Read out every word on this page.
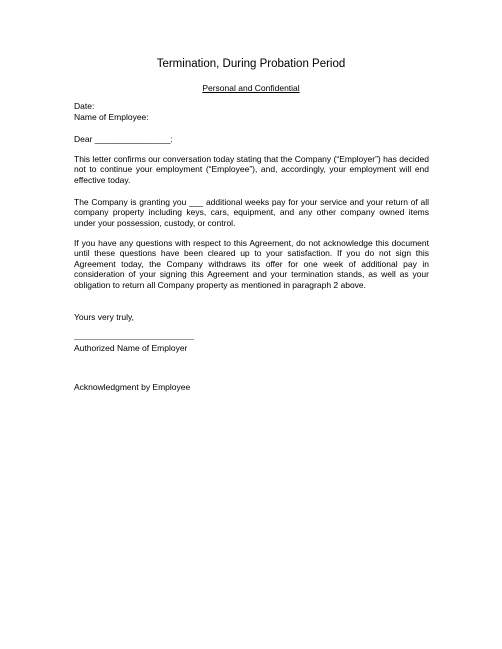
Termination, During Probation Period
Personal and Confidential
Date:
Name of Employee:
Dear ________________:
This letter confirms our conversation today stating that the Company (“Employer”) has decided not to continue your employment (“Employee”), and, accordingly, your employment will end effective today.
The Company is granting you ___ additional weeks pay for your service and your return of all company property including keys, cars, equipment, and any other company owned items under your possession, custody, or control.
If you have any questions with respect to this Agreement, do not acknowledge this document until these questions have been cleared up to your satisfaction. If you do not sign this Agreement today, the Company withdraws its offer for one week of additional pay in consideration of your signing this Agreement and your termination stands, as well as your obligation to return all Company property as mentioned in paragraph 2 above.
Yours very truly,
Authorized Name of Employer
Acknowledgment by Employee
